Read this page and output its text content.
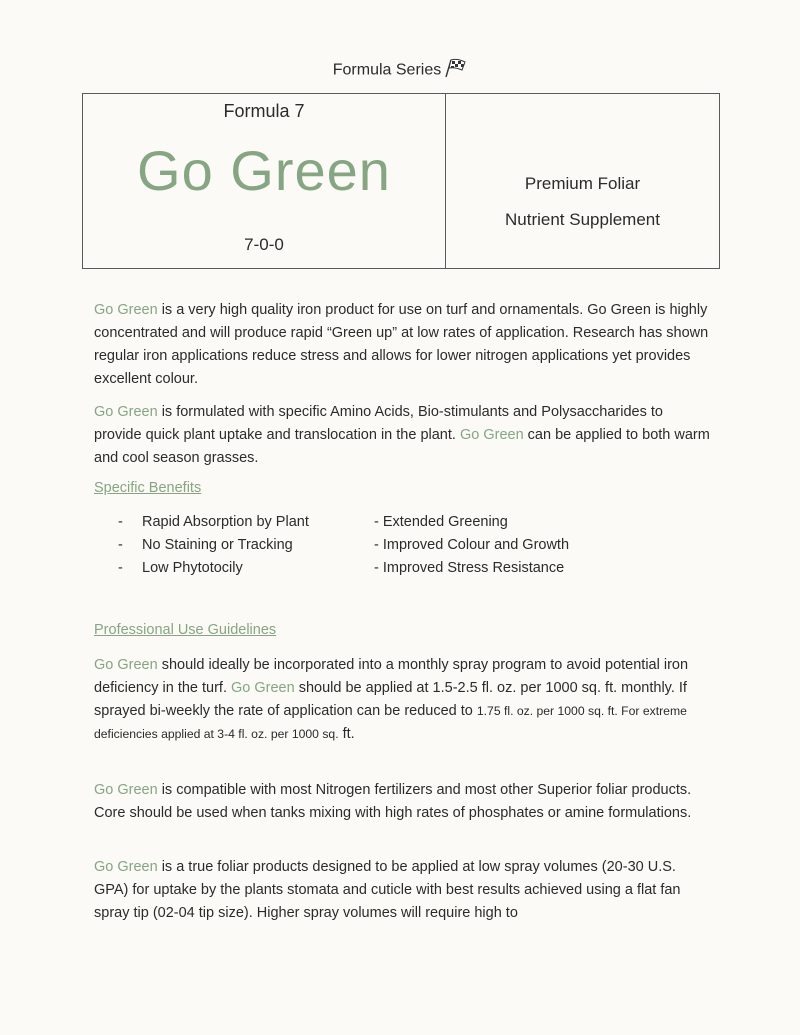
Formula Series
Formula 7
Go Green
7-0-0
Premium Foliar
Nutrient Supplement

Go Green is a very high quality iron product for use on turf and ornamentals. Go Green is highly concentrated and will produce rapid “Green up” at low rates of application. Research has shown regular iron applications reduce stress and allows for lower nitrogen applications yet provides excellent colour.

Go Green is formulated with specific Amino Acids, Bio-stimulants and Polysaccharides to provide quick plant uptake and translocation in the plant. Go Green can be applied to both warm and cool season grasses.

Specific Benefits
- Rapid Absorption by Plant	- Extended Greening
- No Staining or Tracking	- Improved Colour and Growth
- Low Phytotocily	- Improved Stress Resistance
Professional Use Guidelines

Go Green should ideally be incorporated into a monthly spray program to avoid potential iron deficiency in the turf. Go Green should be applied at 1.5-2.5 fl. oz. per 1000 sq. ft. monthly. If sprayed bi-weekly the rate of application can be reduced to 1.75 fl. oz. per 1000 sq. ft. For extreme deficiencies applied at 3-4 fl. oz. per 1000 sq. ft.

Go Green is compatible with most Nitrogen fertilizers and most other Superior foliar products. Core should be used when tanks mixing with high rates of phosphates or amine formulations.

Go Green is a true foliar products designed to be applied at low spray volumes (20-30 U.S. GPA) for uptake by the plants stomata and cuticle with best results achieved using a flat fan spray tip (02-04 tip size). Higher spray volumes will require high to
